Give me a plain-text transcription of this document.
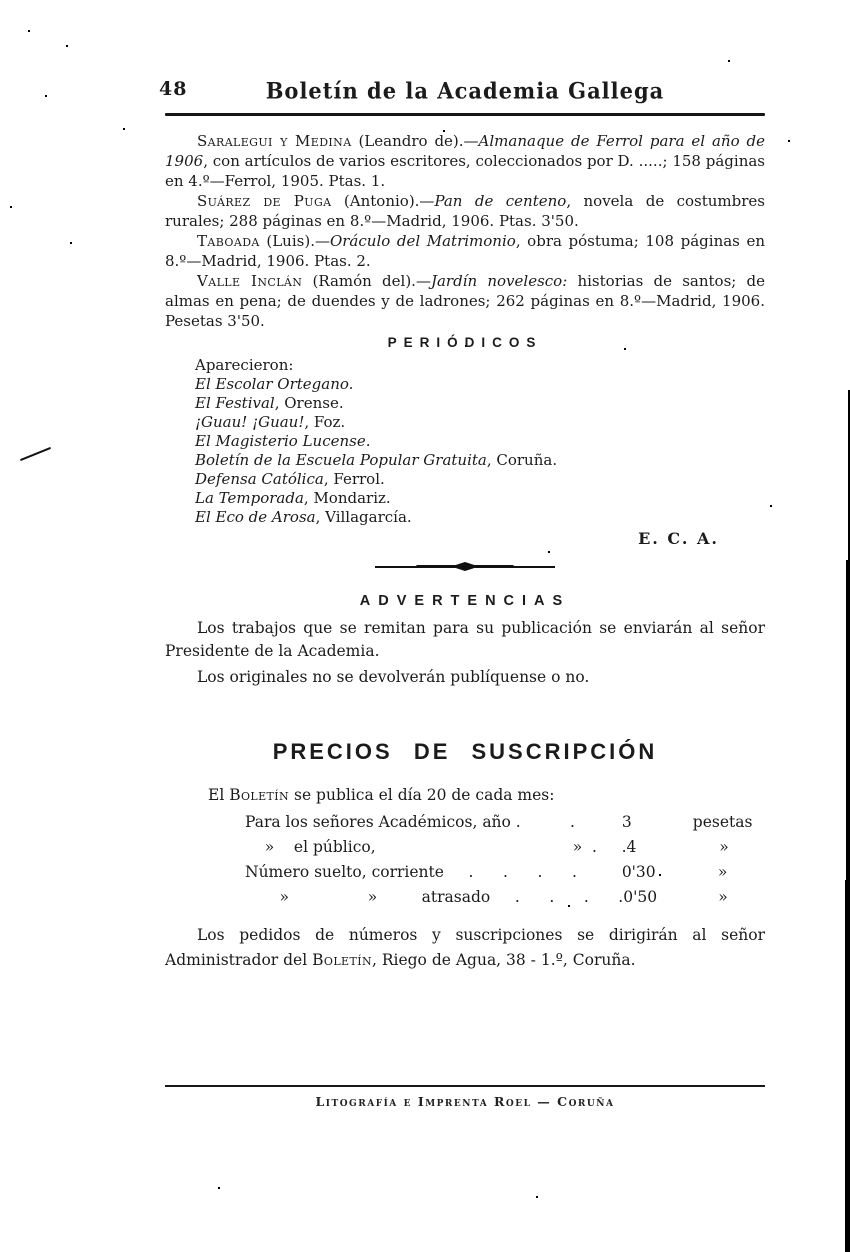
48	Boletín de la Academia Gallega

Saralegui y Medina (Leandro de).—Almanaque de Ferrol para el año de 1906, con artículos de varios escritores, coleccionados por D. .....; 158 páginas en 4.º—Ferrol, 1905. Ptas. 1.

Suárez de Puga (Antonio).—Pan de centeno, novela de costumbres rurales; 288 páginas en 8.º—Madrid, 1906. Ptas. 3'50.

Taboada (Luis).—Oráculo del Matrimonio, obra póstuma; 108 páginas en 8.º—Madrid, 1906. Ptas. 2.

Valle Inclán (Ramón del).—Jardín novelesco: historias de santos; de almas en pena; de duendes y de ladrones; 262 páginas en 8.º—Madrid, 1906. Pesetas 3'50.

PERIÓDICOS
Aparecieron:
El Escolar Ortegano.
El Festival, Orense.
¡Guau! ¡Guau!, Foz.
El Magisterio Lucense.
Boletín de la Escuela Popular Gratuita, Coruña.
Defensa Católica, Ferrol.
La Temporada, Mondariz.
El Eco de Arosa, Villagarcía.
E. C. A.
ADVERTENCIAS

Los trabajos que se remitan para su publicación se enviarán al señor Presidente de la Academia.

Los originales no se devolverán publíquense o no.

PRECIOS DE SUSCRIPCIÓN

El Boletín se publica el día 20 de cada mes:

Para los señores Académicos, año .          .	3	pesetas
»    el público,                                        »  .     . 4	»
Número suelto, corriente     .      .      .      .	0'30	»
»                »         atrasado     .      .      .      . 0'50	»

Los pedidos de números y suscripciones se dirigirán al señor Administrador del Boletín, Riego de Agua, 38 - 1.º, Coruña.

Litografía e Imprenta Roel — Coruña
